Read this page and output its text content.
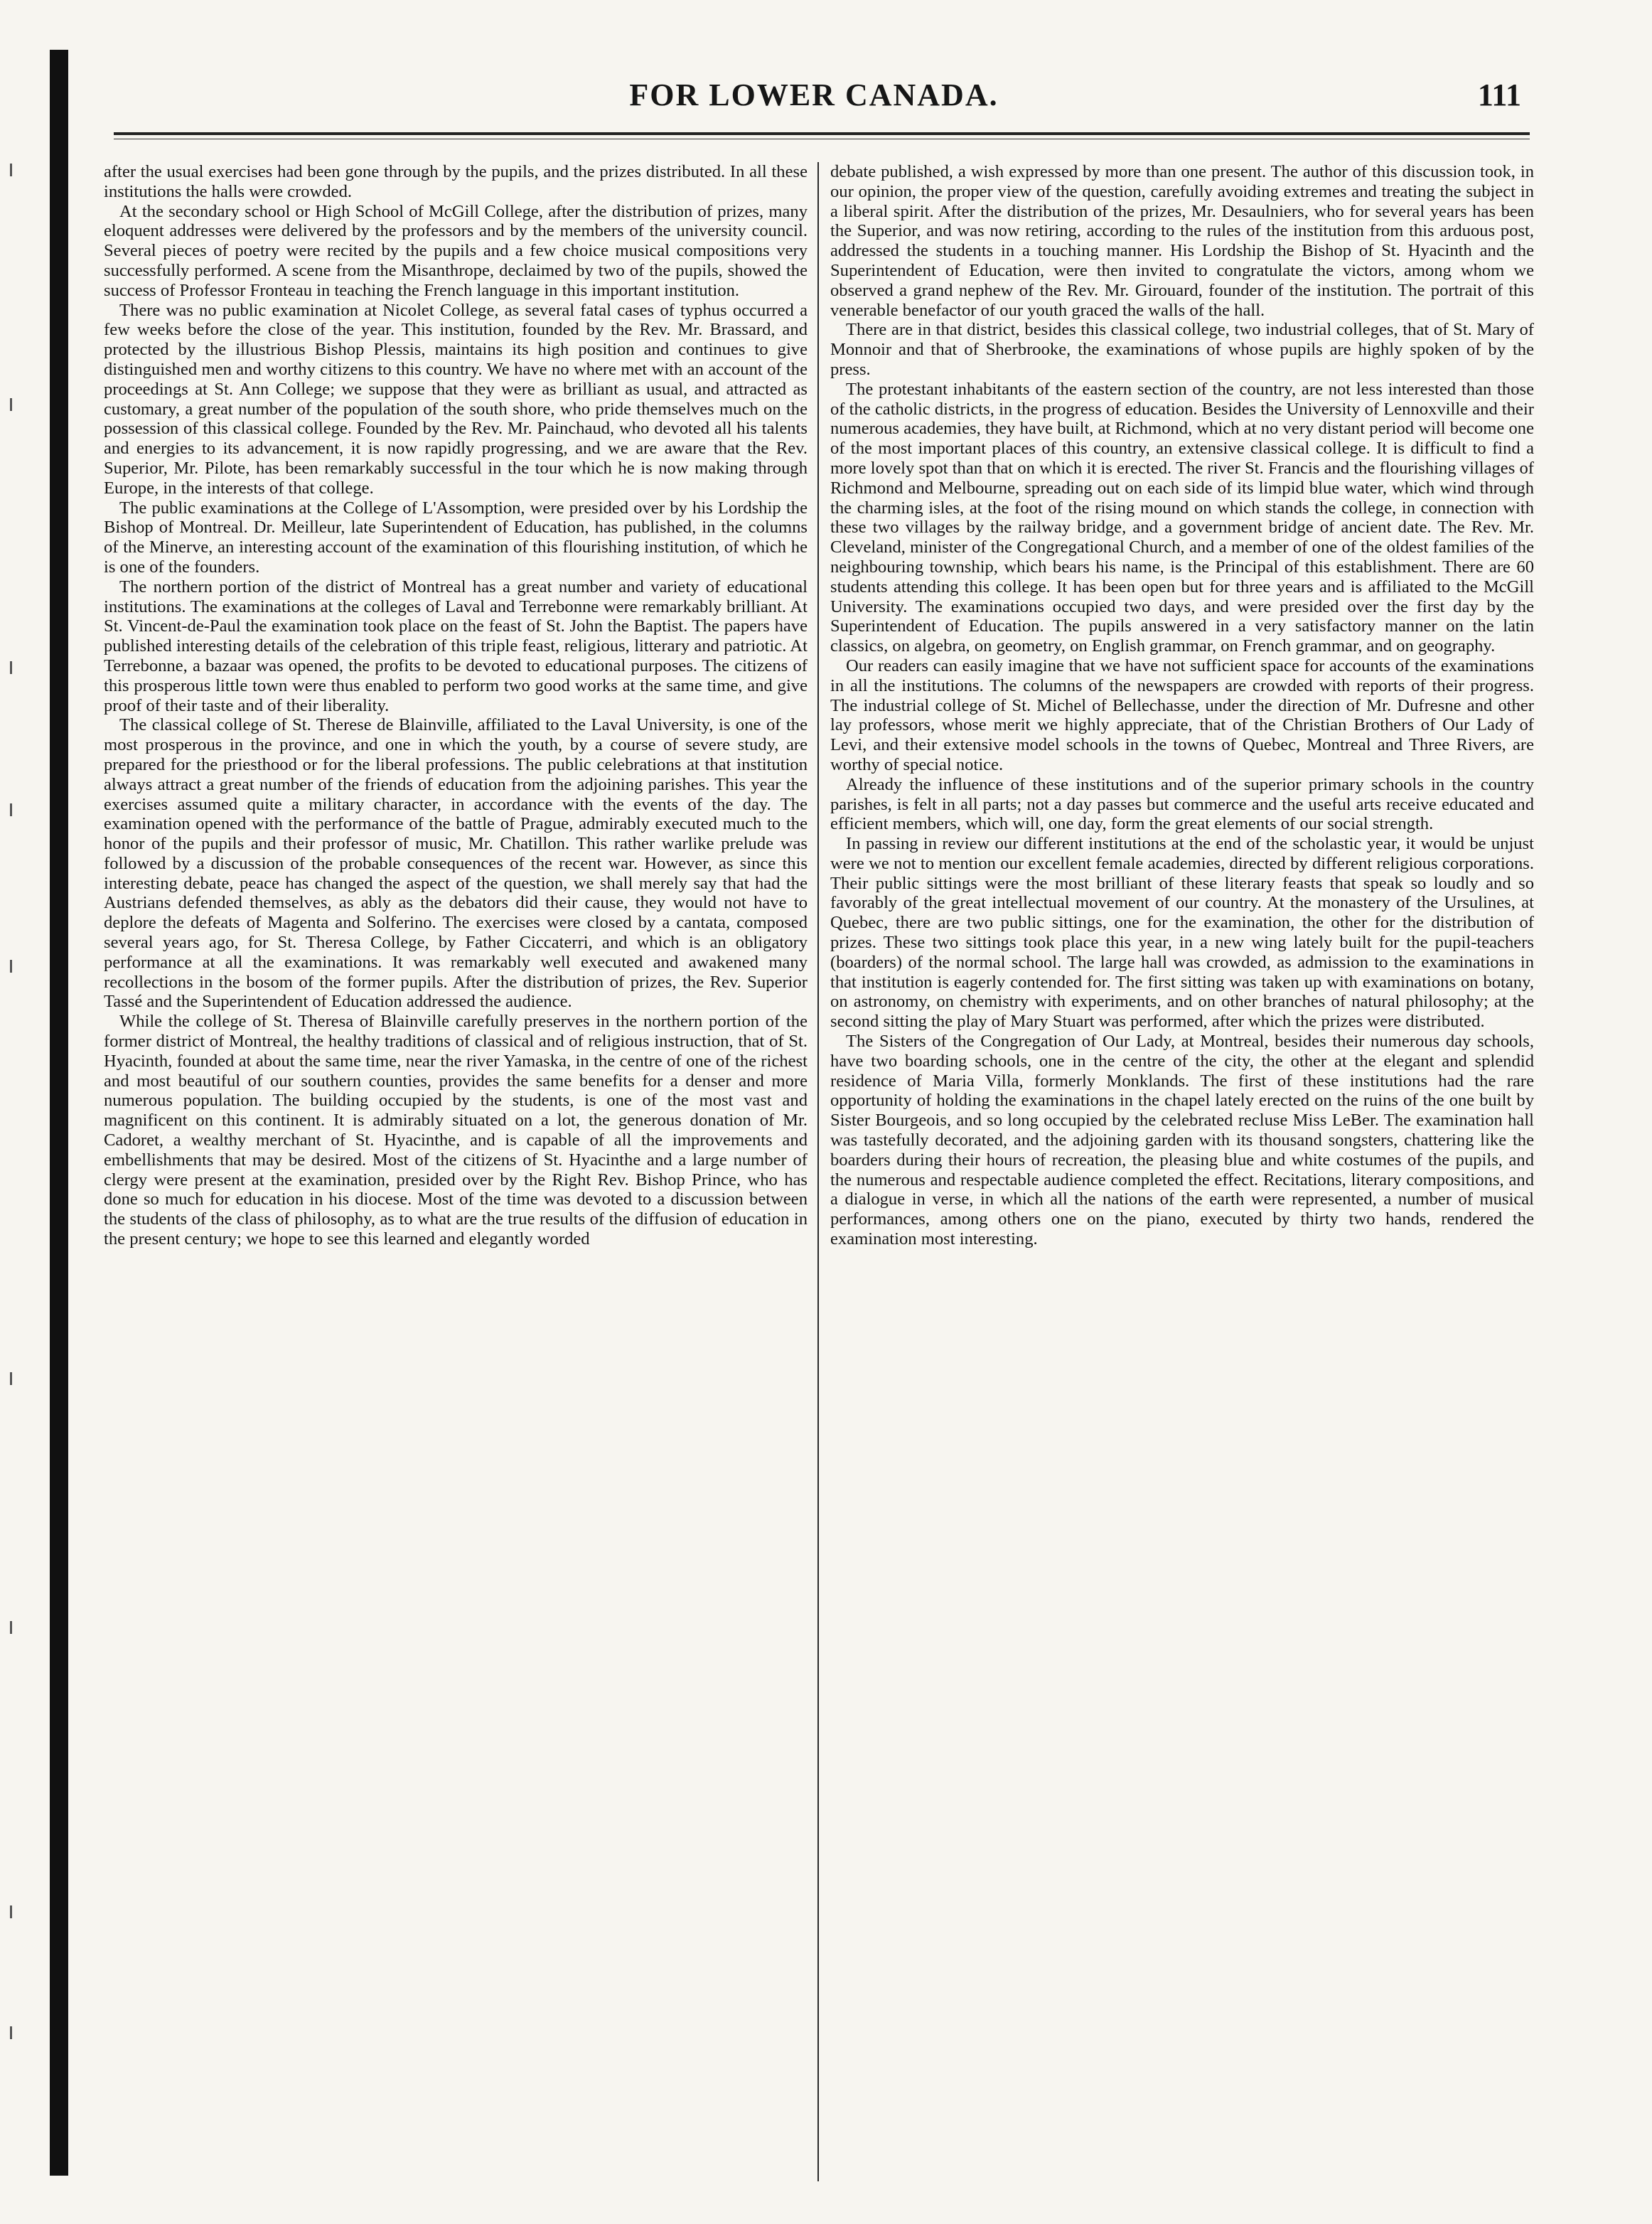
FOR LOWER CANADA.	111

after the usual exercises had been gone through by the pupils, and the prizes distributed. In all these institutions the halls were crowded.

At the secondary school or High School of McGill College, after the distribution of prizes, many eloquent addresses were delivered by the professors and by the members of the university council. Several pieces of poetry were recited by the pupils and a few choice musical compositions very successfully performed. A scene from the Misanthrope, declaimed by two of the pupils, showed the success of Professor Fronteau in teaching the French language in this important institution.

There was no public examination at Nicolet College, as several fatal cases of typhus occurred a few weeks before the close of the year. This institution, founded by the Rev. Mr. Brassard, and protected by the illustrious Bishop Plessis, maintains its high position and continues to give distinguished men and worthy citizens to this country. We have no where met with an account of the proceedings at St. Ann College; we suppose that they were as brilliant as usual, and attracted as customary, a great number of the population of the south shore, who pride themselves much on the possession of this classical college. Founded by the Rev. Mr. Painchaud, who devoted all his talents and energies to its advancement, it is now rapidly progressing, and we are aware that the Rev. Superior, Mr. Pilote, has been remarkably successful in the tour which he is now making through Europe, in the interests of that college.

The public examinations at the College of L'Assomption, were presided over by his Lordship the Bishop of Montreal. Dr. Meilleur, late Superintendent of Education, has published, in the columns of the Minerve, an interesting account of the examination of this flourishing institution, of which he is one of the founders.

The northern portion of the district of Montreal has a great number and variety of educational institutions. The examinations at the colleges of Laval and Terrebonne were remarkably brilliant. At St. Vincent-de-Paul the examination took place on the feast of St. John the Baptist. The papers have published interesting details of the celebration of this triple feast, religious, litterary and patriotic. At Terrebonne, a bazaar was opened, the profits to be devoted to educational purposes. The citizens of this prosperous little town were thus enabled to perform two good works at the same time, and give proof of their taste and of their liberality.

The classical college of St. Therese de Blainville, affiliated to the Laval University, is one of the most prosperous in the province, and one in which the youth, by a course of severe study, are prepared for the priesthood or for the liberal professions. The public celebrations at that institution always attract a great number of the friends of education from the adjoining parishes. This year the exercises assumed quite a military character, in accordance with the events of the day. The examination opened with the performance of the battle of Prague, admirably executed much to the honor of the pupils and their professor of music, Mr. Chatillon. This rather warlike prelude was followed by a discussion of the probable consequences of the recent war. However, as since this interesting debate, peace has changed the aspect of the question, we shall merely say that had the Austrians defended themselves, as ably as the debators did their cause, they would not have to deplore the defeats of Magenta and Solferino. The exercises were closed by a cantata, composed several years ago, for St. Theresa College, by Father Ciccaterri, and which is an obligatory performance at all the examinations. It was remarkably well executed and awakened many recollections in the bosom of the former pupils. After the distribution of prizes, the Rev. Superior Tassé and the Superintendent of Education addressed the audience.

While the college of St. Theresa of Blainville carefully preserves in the northern portion of the former district of Montreal, the healthy traditions of classical and of religious instruction, that of St. Hyacinth, founded at about the same time, near the river Yamaska, in the centre of one of the richest and most beautiful of our southern counties, provides the same benefits for a denser and more numerous population. The building occupied by the students, is one of the most vast and magnificent on this continent. It is admirably situated on a lot, the generous donation of Mr. Cadoret, a wealthy merchant of St. Hyacinthe, and is capable of all the improvements and embellishments that may be desired. Most of the citizens of St. Hyacinthe and a large number of clergy were present at the examination, presided over by the Right Rev. Bishop Prince, who has done so much for education in his diocese. Most of the time was devoted to a discussion between the students of the class of philosophy, as to what are the true results of the diffusion of education in the present century; we hope to see this learned and elegantly worded

debate published, a wish expressed by more than one present. The author of this discussion took, in our opinion, the proper view of the question, carefully avoiding extremes and treating the subject in a liberal spirit. After the distribution of the prizes, Mr. Desaulniers, who for several years has been the Superior, and was now retiring, according to the rules of the institution from this arduous post, addressed the students in a touching manner. His Lordship the Bishop of St. Hyacinth and the Superintendent of Education, were then invited to congratulate the victors, among whom we observed a grand nephew of the Rev. Mr. Girouard, founder of the institution. The portrait of this venerable benefactor of our youth graced the walls of the hall.

There are in that district, besides this classical college, two industrial colleges, that of St. Mary of Monnoir and that of Sherbrooke, the examinations of whose pupils are highly spoken of by the press.

The protestant inhabitants of the eastern section of the country, are not less interested than those of the catholic districts, in the progress of education. Besides the University of Lennoxville and their numerous academies, they have built, at Richmond, which at no very distant period will become one of the most important places of this country, an extensive classical college. It is difficult to find a more lovely spot than that on which it is erected. The river St. Francis and the flourishing villages of Richmond and Melbourne, spreading out on each side of its limpid blue water, which wind through the charming isles, at the foot of the rising mound on which stands the college, in connection with these two villages by the railway bridge, and a government bridge of ancient date. The Rev. Mr. Cleveland, minister of the Congregational Church, and a member of one of the oldest families of the neighbouring township, which bears his name, is the Principal of this establishment. There are 60 students attending this college. It has been open but for three years and is affiliated to the McGill University. The examinations occupied two days, and were presided over the first day by the Superintendent of Education. The pupils answered in a very satisfactory manner on the latin classics, on algebra, on geometry, on English grammar, on French grammar, and on geography.

Our readers can easily imagine that we have not sufficient space for accounts of the examinations in all the institutions. The columns of the newspapers are crowded with reports of their progress. The industrial college of St. Michel of Bellechasse, under the direction of Mr. Dufresne and other lay professors, whose merit we highly appreciate, that of the Christian Brothers of Our Lady of Levi, and their extensive model schools in the towns of Quebec, Montreal and Three Rivers, are worthy of special notice.

Already the influence of these institutions and of the superior primary schools in the country parishes, is felt in all parts; not a day passes but commerce and the useful arts receive educated and efficient members, which will, one day, form the great elements of our social strength.

In passing in review our different institutions at the end of the scholastic year, it would be unjust were we not to mention our excellent female academies, directed by different religious corporations. Their public sittings were the most brilliant of these literary feasts that speak so loudly and so favorably of the great intellectual movement of our country. At the monastery of the Ursulines, at Quebec, there are two public sittings, one for the examination, the other for the distribution of prizes. These two sittings took place this year, in a new wing lately built for the pupil-teachers (boarders) of the normal school. The large hall was crowded, as admission to the examinations in that institution is eagerly contended for. The first sitting was taken up with examinations on botany, on astronomy, on chemistry with experiments, and on other branches of natural philosophy; at the second sitting the play of Mary Stuart was performed, after which the prizes were distributed.

The Sisters of the Congregation of Our Lady, at Montreal, besides their numerous day schools, have two boarding schools, one in the centre of the city, the other at the elegant and splendid residence of Maria Villa, formerly Monklands. The first of these institutions had the rare opportunity of holding the examinations in the chapel lately erected on the ruins of the one built by Sister Bourgeois, and so long occupied by the celebrated recluse Miss LeBer. The examination hall was tastefully decorated, and the adjoining garden with its thousand songsters, chattering like the boarders during their hours of recreation, the pleasing blue and white costumes of the pupils, and the numerous and respectable audience completed the effect. Recitations, literary compositions, and a dialogue in verse, in which all the nations of the earth were represented, a number of musical performances, among others one on the piano, executed by thirty two hands, rendered the examination most interesting.
